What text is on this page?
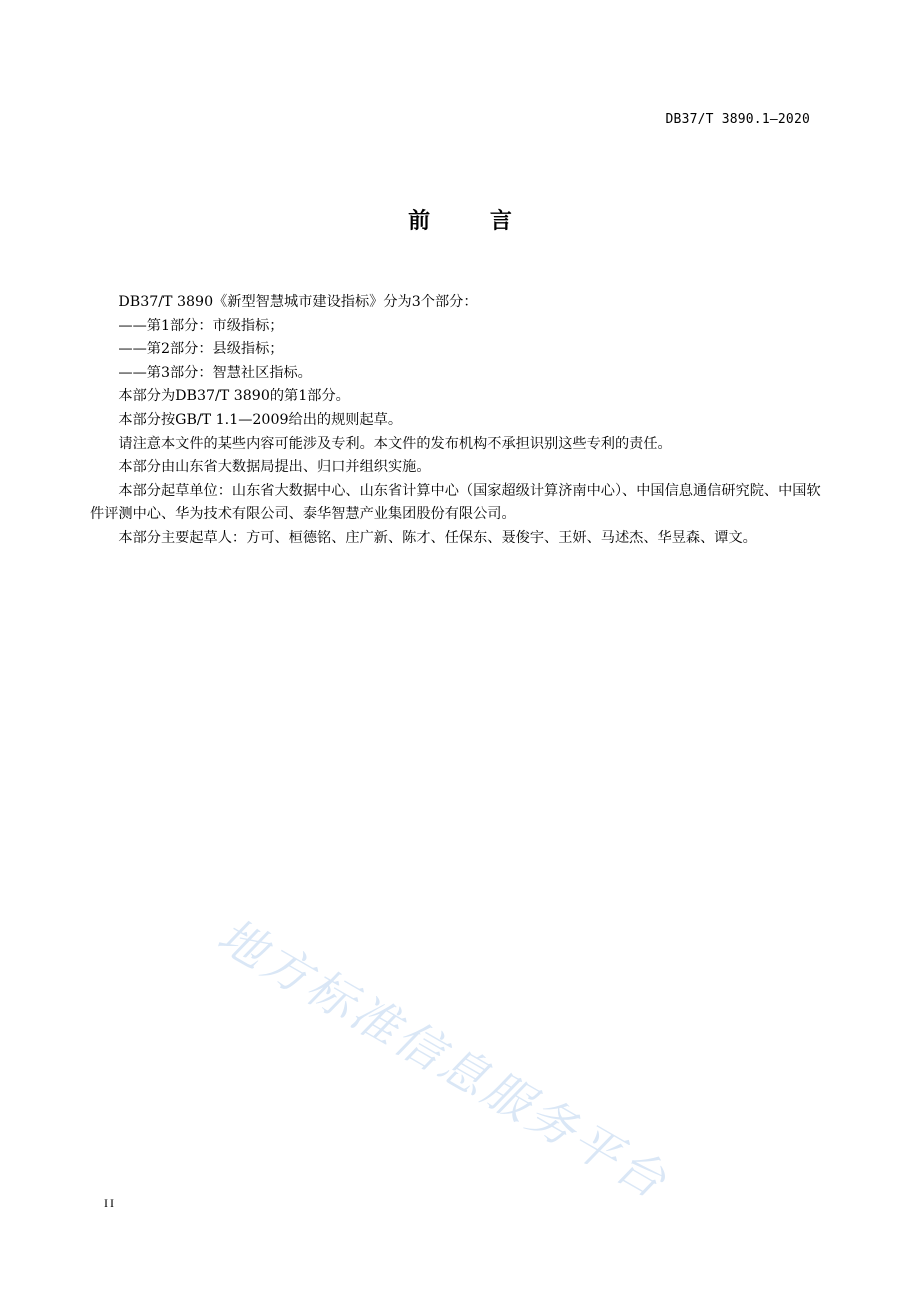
DB37/T 3890.1—2020
前 言

DB37/T 3890《新型智慧城市建设指标》分为3个部分：

——第1部分：市级指标；

——第2部分：县级指标；

——第3部分：智慧社区指标。

本部分为DB37/T 3890的第1部分。

本部分按GB/T 1.1—2009给出的规则起草。

请注意本文件的某些内容可能涉及专利。本文件的发布机构不承担识别这些专利的责任。

本部分由山东省大数据局提出、归口并组织实施。

本部分起草单位：山东省大数据中心、山东省计算中心（国家超级计算济南中心）、中国信息通信研究院、中国软件评测中心、华为技术有限公司、泰华智慧产业集团股份有限公司。

本部分主要起草人：方可、桓德铭、庄广新、陈才、任保东、聂俊宇、王妍、马述杰、华昱森、谭文。

地方标准信息服务平台
II
